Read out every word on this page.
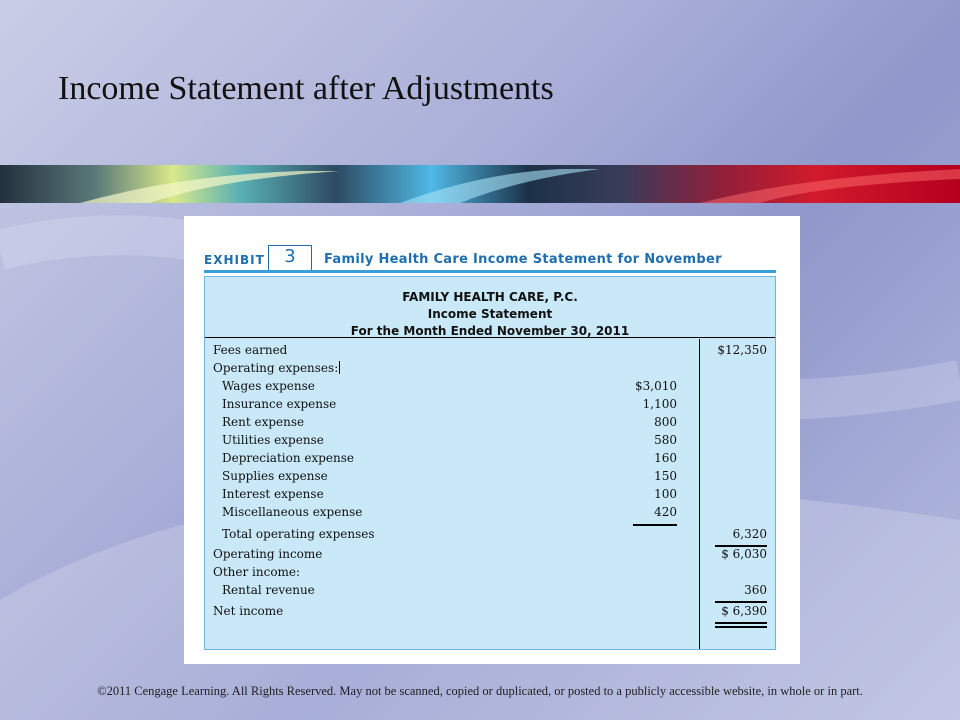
Income Statement after Adjustments
EXHIBIT	3	Family Health Care Income Statement for November
FAMILY HEALTH CARE, P.C.
Income Statement
For the Month Ended November 30, 2011
Fees earned	$12,350
Operating expenses:
Wages expense	$3,010
Insurance expense	1,100
Rent expense	800
Utilities expense	580
Depreciation expense	160
Supplies expense	150
Interest expense	100
Miscellaneous expense	420
Total operating expenses	6,320
Operating income	$ 6,030
Other income:
Rental revenue	360
Net income	$ 6,390
©2011 Cengage Learning. All Rights Reserved. May not be scanned, copied or duplicated, or posted to a publicly accessible website, in whole or in part.
